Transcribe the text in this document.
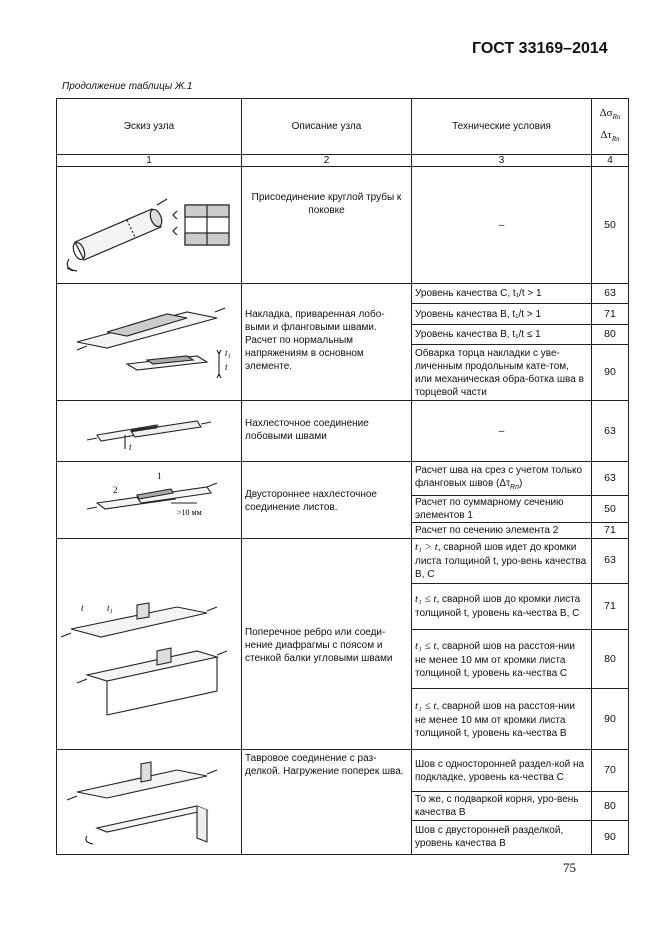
ГОСТ 33169–2014
Продолжение таблицы Ж.1
Эскиз узла	Описание узла	Технические условия	$\Delta\sigma_{Rn}$
$\Delta\tau_{Rn}$
1	2	3	4

	Присоединение круглой трубы к поковке	–	50

t₁
t	Накладка, приваренная лобо-выми и фланговыми швами. Расчет по нормальным напряжениям в основном элементе.	Уровень качества С, t₁/t > 1	63
		Уровень качества В, t₁/t > 1	71
		Уровень качества В, t₁/t ≤ 1	80
		Обварка торца накладки с уве-личенным продольным кате-том, или механическая обра-ботка шва в торцевой части	90

t	Нахлесточное соединение лобовыми швами	–	63

1
2
>10 мм	Двустороннее нахлесточное соединение листов.	Расчет шва на срез с учетом только фланговых швов $(\Delta\tau_{Rn})$	63
		Расчет по суммарному сечению элементов 1	50
		Расчет по сечению элемента 2	71

t t₁	Поперечное ребро или соеди-нение диафрагмы с поясом и стенкой балки угловыми швами	t₁ > t, сварной шов идет до кромки листа толщиной t, уро-вень качества В, С	63
		t₁ ≤ t, сварной шов до кромки листа толщиной t, уровень ка-чества В, С	71
		t₁ ≤ t, сварной шов на расстоя-нии не менее 10 мм от кромки листа толщиной t, уровень ка-чества С	80
		t₁ ≤ t, сварной шов на расстоя-нии не менее 10 мм от кромки листа толщиной t, уровень ка-чества В	90

	Тавровое соединение с раз-делкой. Нагружение поперек шва.	Шов с односторонней раздел-кой на подкладке, уровень ка-чества С	70
		То же, с подваркой корня, уро-вень качества В	80
		Шов с двусторонней разделкой, уровень качества В	90
75
